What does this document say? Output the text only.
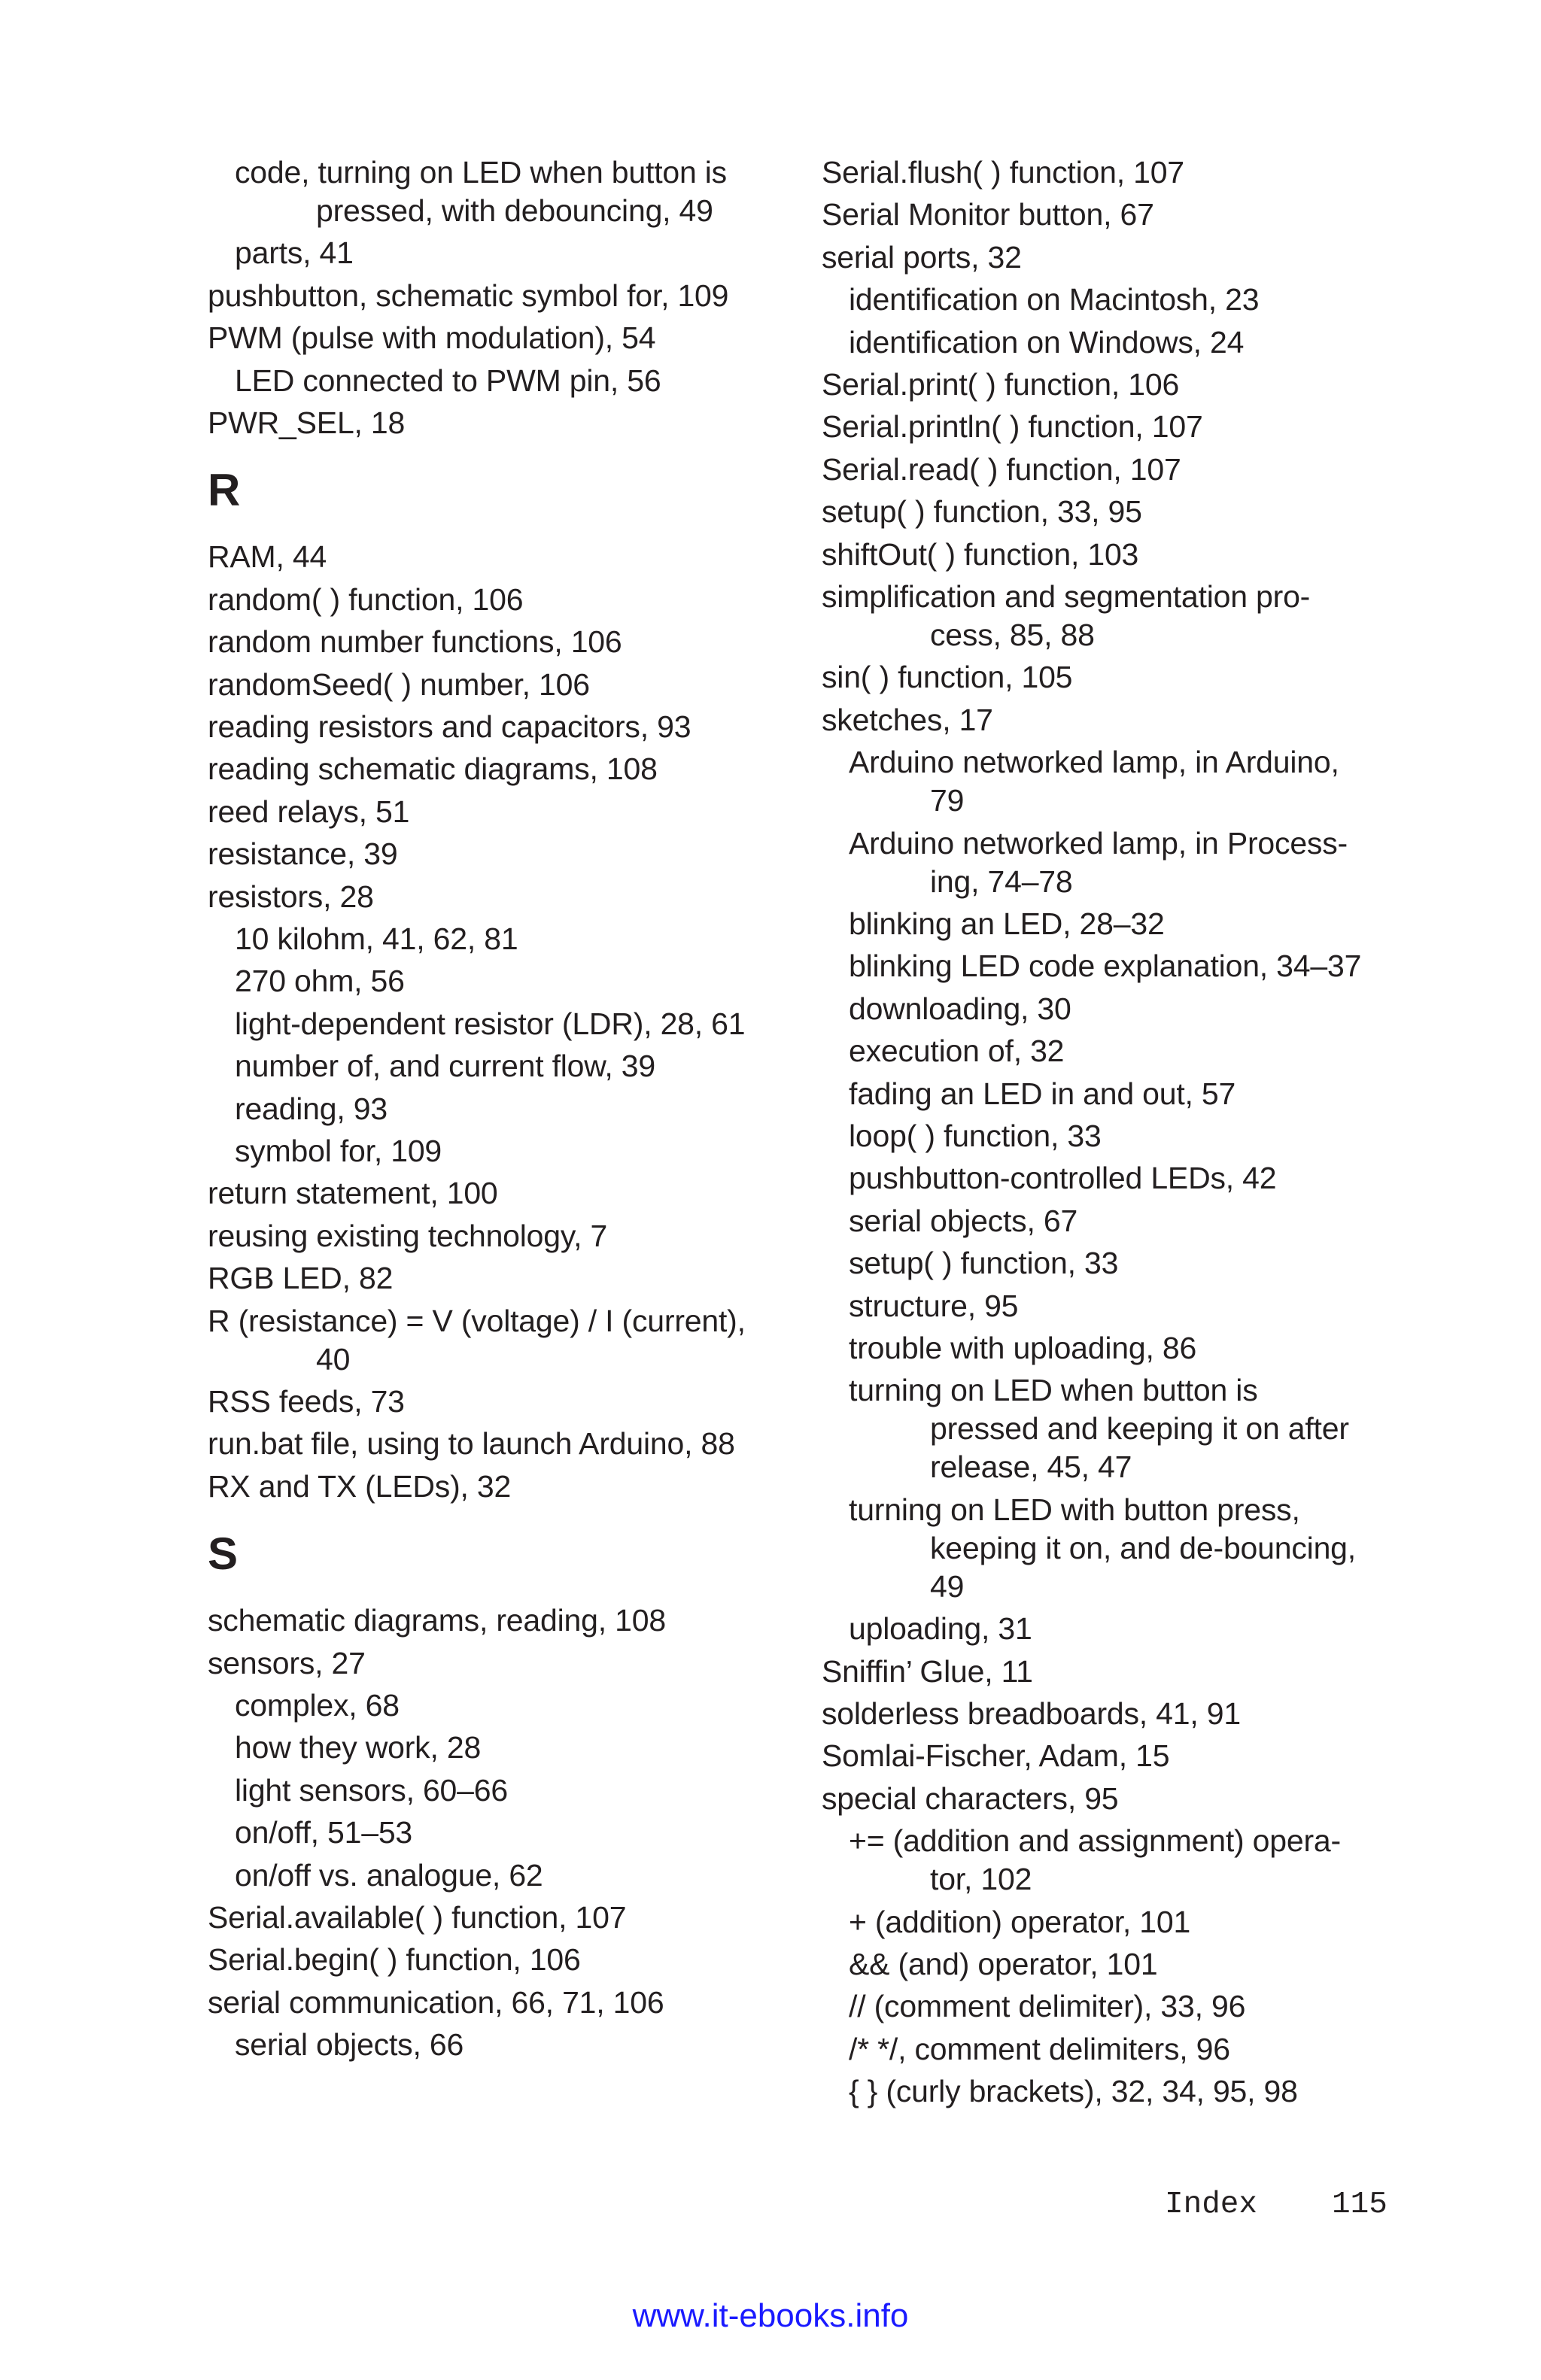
code, turning on LED when button is
pressed, with debouncing, 49
parts, 41
pushbutton, schematic symbol for, 109
PWM (pulse with modulation), 54
LED connected to PWM pin, 56
PWR_SEL, 18
R
RAM, 44
random( ) function, 106
random number functions, 106
randomSeed( ) number, 106
reading resistors and capacitors, 93
reading schematic diagrams, 108
reed relays, 51
resistance, 39
resistors, 28
10 kilohm, 41, 62, 81
270 ohm, 56
light-dependent resistor (LDR), 28, 61
number of, and current flow, 39
reading, 93
symbol for, 109
return statement, 100
reusing existing technology, 7
RGB LED, 82
R (resistance) = V (voltage) / I (current),
40
RSS feeds, 73
run.bat file, using to launch Arduino, 88
RX and TX (LEDs), 32
S
schematic diagrams, reading, 108
sensors, 27
complex, 68
how they work, 28
light sensors, 60–66
on/off, 51–53
on/off vs. analogue, 62
Serial.available( ) function, 107
Serial.begin( ) function, 106
serial communication, 66, 71, 106
serial objects, 66
Serial.flush( ) function, 107
Serial Monitor button, 67
serial ports, 32
identification on Macintosh, 23
identification on Windows, 24
Serial.print( ) function, 106
Serial.println( ) function, 107
Serial.read( ) function, 107
setup( ) function, 33, 95
shiftOut( ) function, 103
simplification and segmentation pro-
cess, 85, 88
sin( ) function, 105
sketches, 17
Arduino networked lamp, in Arduino,
79
Arduino networked lamp, in Process-
ing, 74–78
blinking an LED, 28–32
blinking LED code explanation, 34–37
downloading, 30
execution of, 32
fading an LED in and out, 57
loop( ) function, 33
pushbutton-controlled LEDs, 42
serial objects, 67
setup( ) function, 33
structure, 95
trouble with uploading, 86
turning on LED when button is
pressed and keeping it on after
release, 45, 47
turning on LED with button press,
keeping it on, and de-bouncing,
49
uploading, 31
Sniffin’ Glue, 11
solderless breadboards, 41, 91
Somlai-Fischer, Adam, 15
special characters, 95
+= (addition and assignment) opera-
tor, 102
+ (addition) operator, 101
&& (and) operator, 101
// (comment delimiter), 33, 96
/* */, comment delimiters, 96
{ } (curly brackets), 32, 34, 95, 98
Index 115
www.it-ebooks.info
